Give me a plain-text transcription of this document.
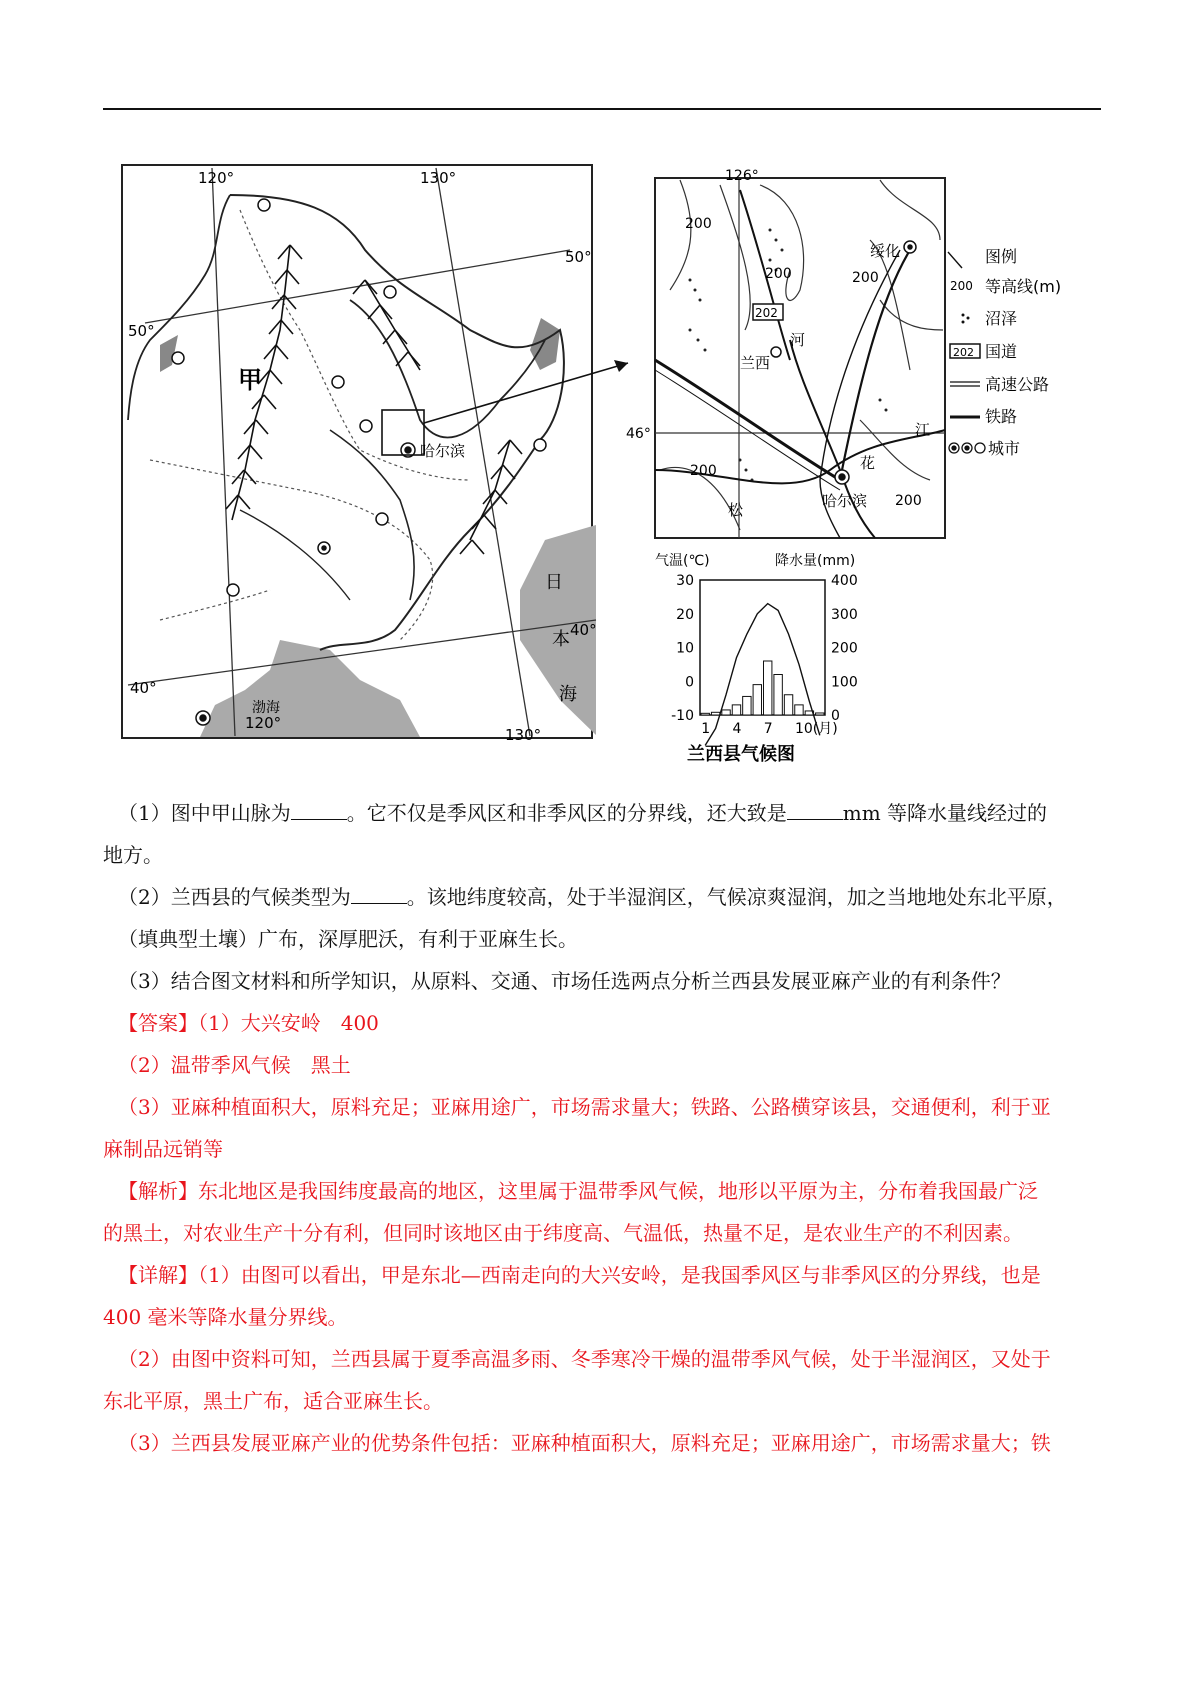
120°	130°
50°
50°
40°
40°
120°
130°
甲
哈尔滨
渤海
日
本
海
126°
46°
绥化
兰西
河
江
花
松	哈尔滨
202
200
200	200
200
200
图例
200 等高线(m)
沼泽
202 国道
高速公路
铁路
城市
气温(℃)	降水量(mm)
30
20
10
0
-10
400
300
200
100
0
1 4 7 10(月)
兰西县气候图
（1）图中甲山脉为	。它不仅是季风区和非季风区的分界线，还大致是	mm 等降水量线经过的
地方。
（2）兰西县的气候类型为	。该地纬度较高，处于半湿润区，气候凉爽湿润，加之当地地处东北平原，
（填典型土壤）广布，深厚肥沃，有利于亚麻生长。
（3）结合图文材料和所学知识，从原料、交通、市场任选两点分析兰西县发展亚麻产业的有利条件？
【答案】（1）大兴安岭　400
（2）温带季风气候　黑土
（3）亚麻种植面积大，原料充足；亚麻用途广，市场需求量大；铁路、公路横穿该县，交通便利，利于亚
麻制品远销等
【解析】东北地区是我国纬度最高的地区，这里属于温带季风气候，地形以平原为主，分布着我国最广泛
的黑土，对农业生产十分有利，但同时该地区由于纬度高、气温低，热量不足，是农业生产的不利因素。
【详解】（1）由图可以看出，甲是东北—西南走向的大兴安岭，是我国季风区与非季风区的分界线，也是
400 毫米等降水量分界线。
（2）由图中资料可知，兰西县属于夏季高温多雨、冬季寒冷干燥的温带季风气候，处于半湿润区，又处于
东北平原，黑土广布，适合亚麻生长。
（3）兰西县发展亚麻产业的优势条件包括：亚麻种植面积大，原料充足；亚麻用途广，市场需求量大；铁
